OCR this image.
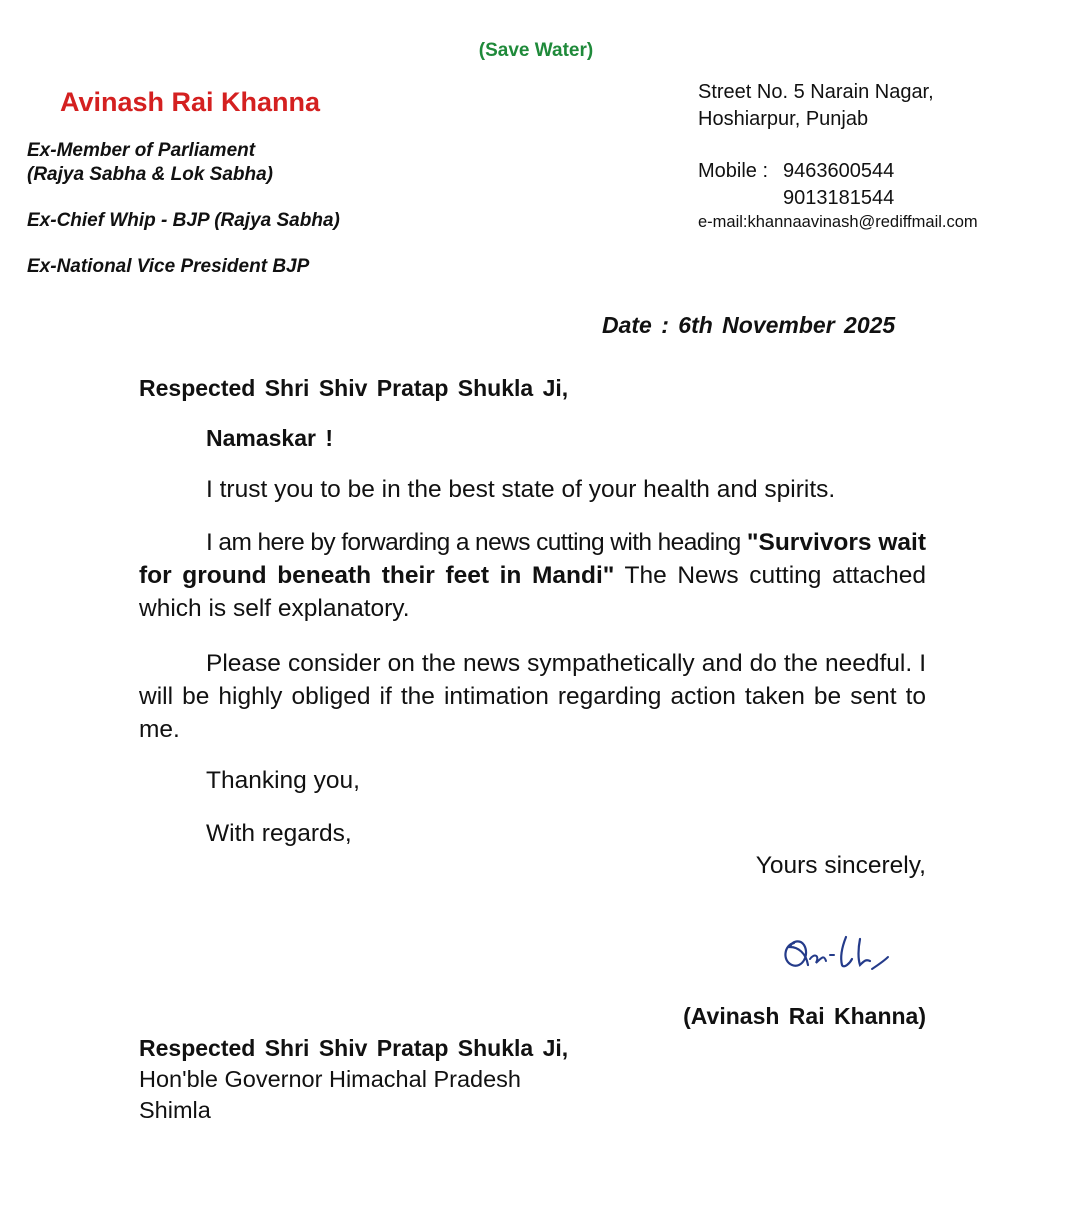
(Save Water)
Avinash Rai Khanna
Ex-Member of Parliament
(Rajya Sabha & Lok Sabha)
Ex-Chief Whip - BJP (Rajya Sabha)
Ex-National Vice President BJP
Street No. 5 Narain Nagar,
Hoshiarpur, Punjab
Mobile : 9463600544
9013181544
e-mail:khannaavinash@rediffmail.com
Date : 6th November 2025
Respected Shri Shiv Pratap Shukla Ji,
Namaskar !
I trust you to be in the best state of your health and spirits.
I am here by forwarding a news cutting with heading "Survivors wait for ground beneath their feet in Mandi" The News cutting attached which is self explanatory.
Please consider on the news sympathetically and do the needful. I will be highly obliged if the intimation regarding action taken be sent to me.
Thanking you,
With regards,
Yours sincerely,
(Avinash Rai Khanna)
Respected Shri Shiv Pratap Shukla Ji,
Hon'ble Governor Himachal Pradesh
Shimla
